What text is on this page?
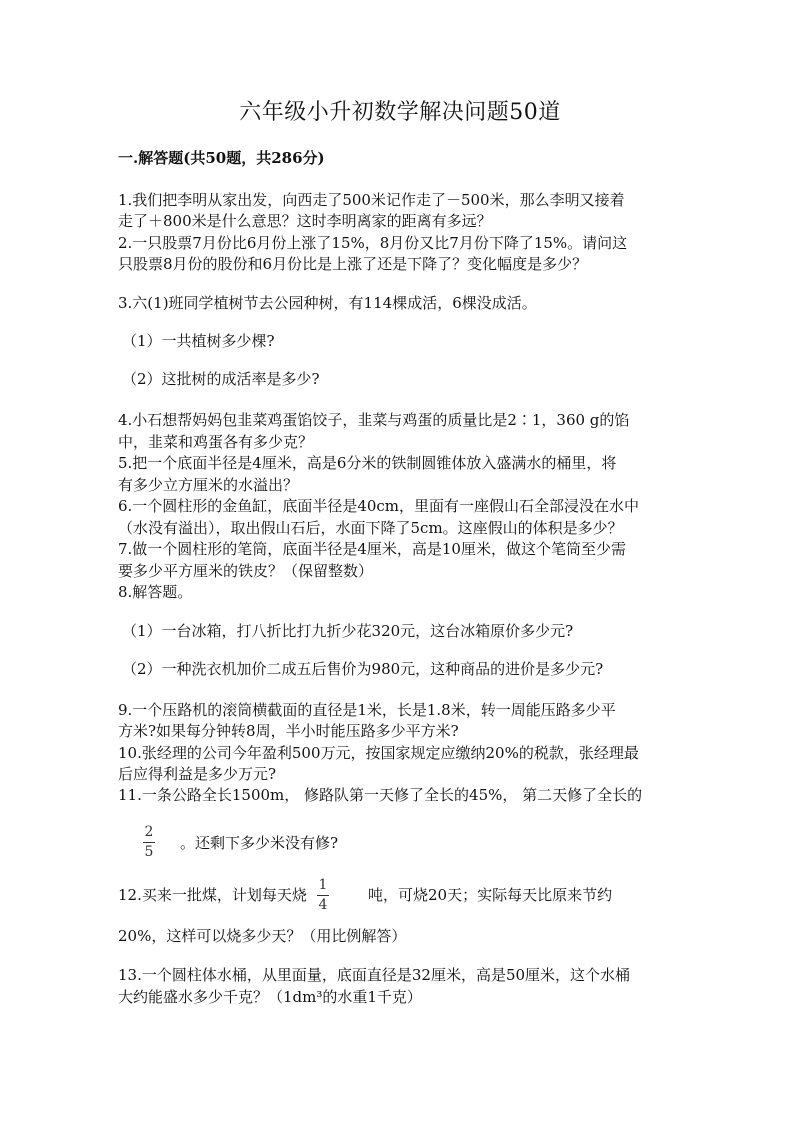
六年级小升初数学解决问题50道
一.解答题(共50题，共286分)
1.我们把李明从家出发，向西走了500米记作走了－500米，那么李明又接着
走了＋800米是什么意思？这时李明离家的距离有多远？
2.一只股票7月份比6月份上涨了15%，8月份又比7月份下降了15%。请问这
只股票8月份的股份和6月份比是上涨了还是下降了？变化幅度是多少？
3.六(1)班同学植树节去公园种树，有114棵成活，6棵没成活。
（1）一共植树多少棵?
（2）这批树的成活率是多少?
4.小石想帮妈妈包韭菜鸡蛋馅饺子，韭菜与鸡蛋的质量比是2∶1，360 g的馅
中，韭菜和鸡蛋各有多少克？
5.把一个底面半径是4厘米，高是6分米的铁制圆锥体放入盛满水的桶里，将
有多少立方厘米的水溢出？
6.一个圆柱形的金鱼缸，底面半径是40cm，里面有一座假山石全部浸没在水中
（水没有溢出），取出假山石后，水面下降了5cm。这座假山的体积是多少？
7.做一个圆柱形的笔筒，底面半径是4厘米，高是10厘米，做这个笔筒至少需
要多少平方厘米的铁皮？（保留整数）
8.解答题。
（1）一台冰箱，打八折比打九折少花320元，这台冰箱原价多少元?
（2）一种洗衣机加价二成五后售价为980元，这种商品的进价是多少元?
9.一个压路机的滚筒横截面的直径是1米，长是1.8米，转一周能压路多少平
方米?如果每分钟转8周，半小时能压路多少平方米?
10.张经理的公司今年盈利500万元，按国家规定应缴纳20%的税款，张经理最
后应得利益是多少万元?
11.一条公路全长1500m， 修路队第一天修了全长的45%， 第二天修了全长的
2
5 。还剩下多少米没有修?
12.买来一批煤，计划每天烧
1
4
吨，可烧20天；实际每天比原来节约
20%，这样可以烧多少天？（用比例解答）
13.一个圆柱体水桶，从里面量，底面直径是32厘米，高是50厘米，这个水桶
大约能盛水多少千克？（1dm³的水重1千克）
